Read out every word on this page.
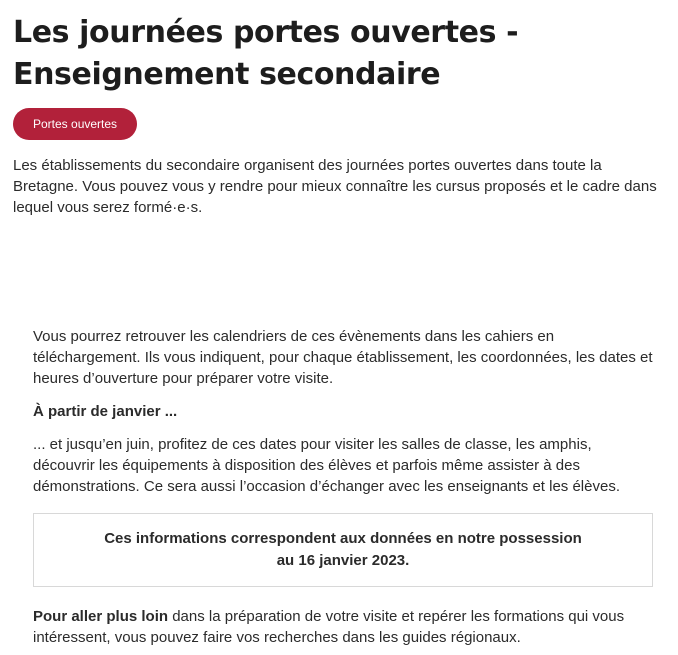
Les journées portes ouvertes - Enseignement secondaire
Portes ouvertes

Les établissements du secondaire organisent des journées portes ouvertes dans toute la Bretagne. Vous pouvez vous y rendre pour mieux connaître les cursus proposés et le cadre dans lequel vous serez formé·e·s.

Vous pourrez retrouver les calendriers de ces évènements dans les cahiers en téléchargement. Ils vous indiquent, pour chaque établissement, les coordonnées, les dates et heures d’ouverture pour préparer votre visite.

À partir de janvier ...

... et jusqu’en juin, profitez de ces dates pour visiter les salles de classe, les amphis, découvrir les équipements à disposition des élèves et parfois même assister à des démonstrations. Ce sera aussi l’occasion d’échanger avec les enseignants et les élèves.

Ces informations correspondent aux données en notre possession
au 16 janvier 2023.

Pour aller plus loin dans la préparation de votre visite et repérer les formations qui vous intéressent, vous pouvez faire vos recherches dans les guides régionaux.
